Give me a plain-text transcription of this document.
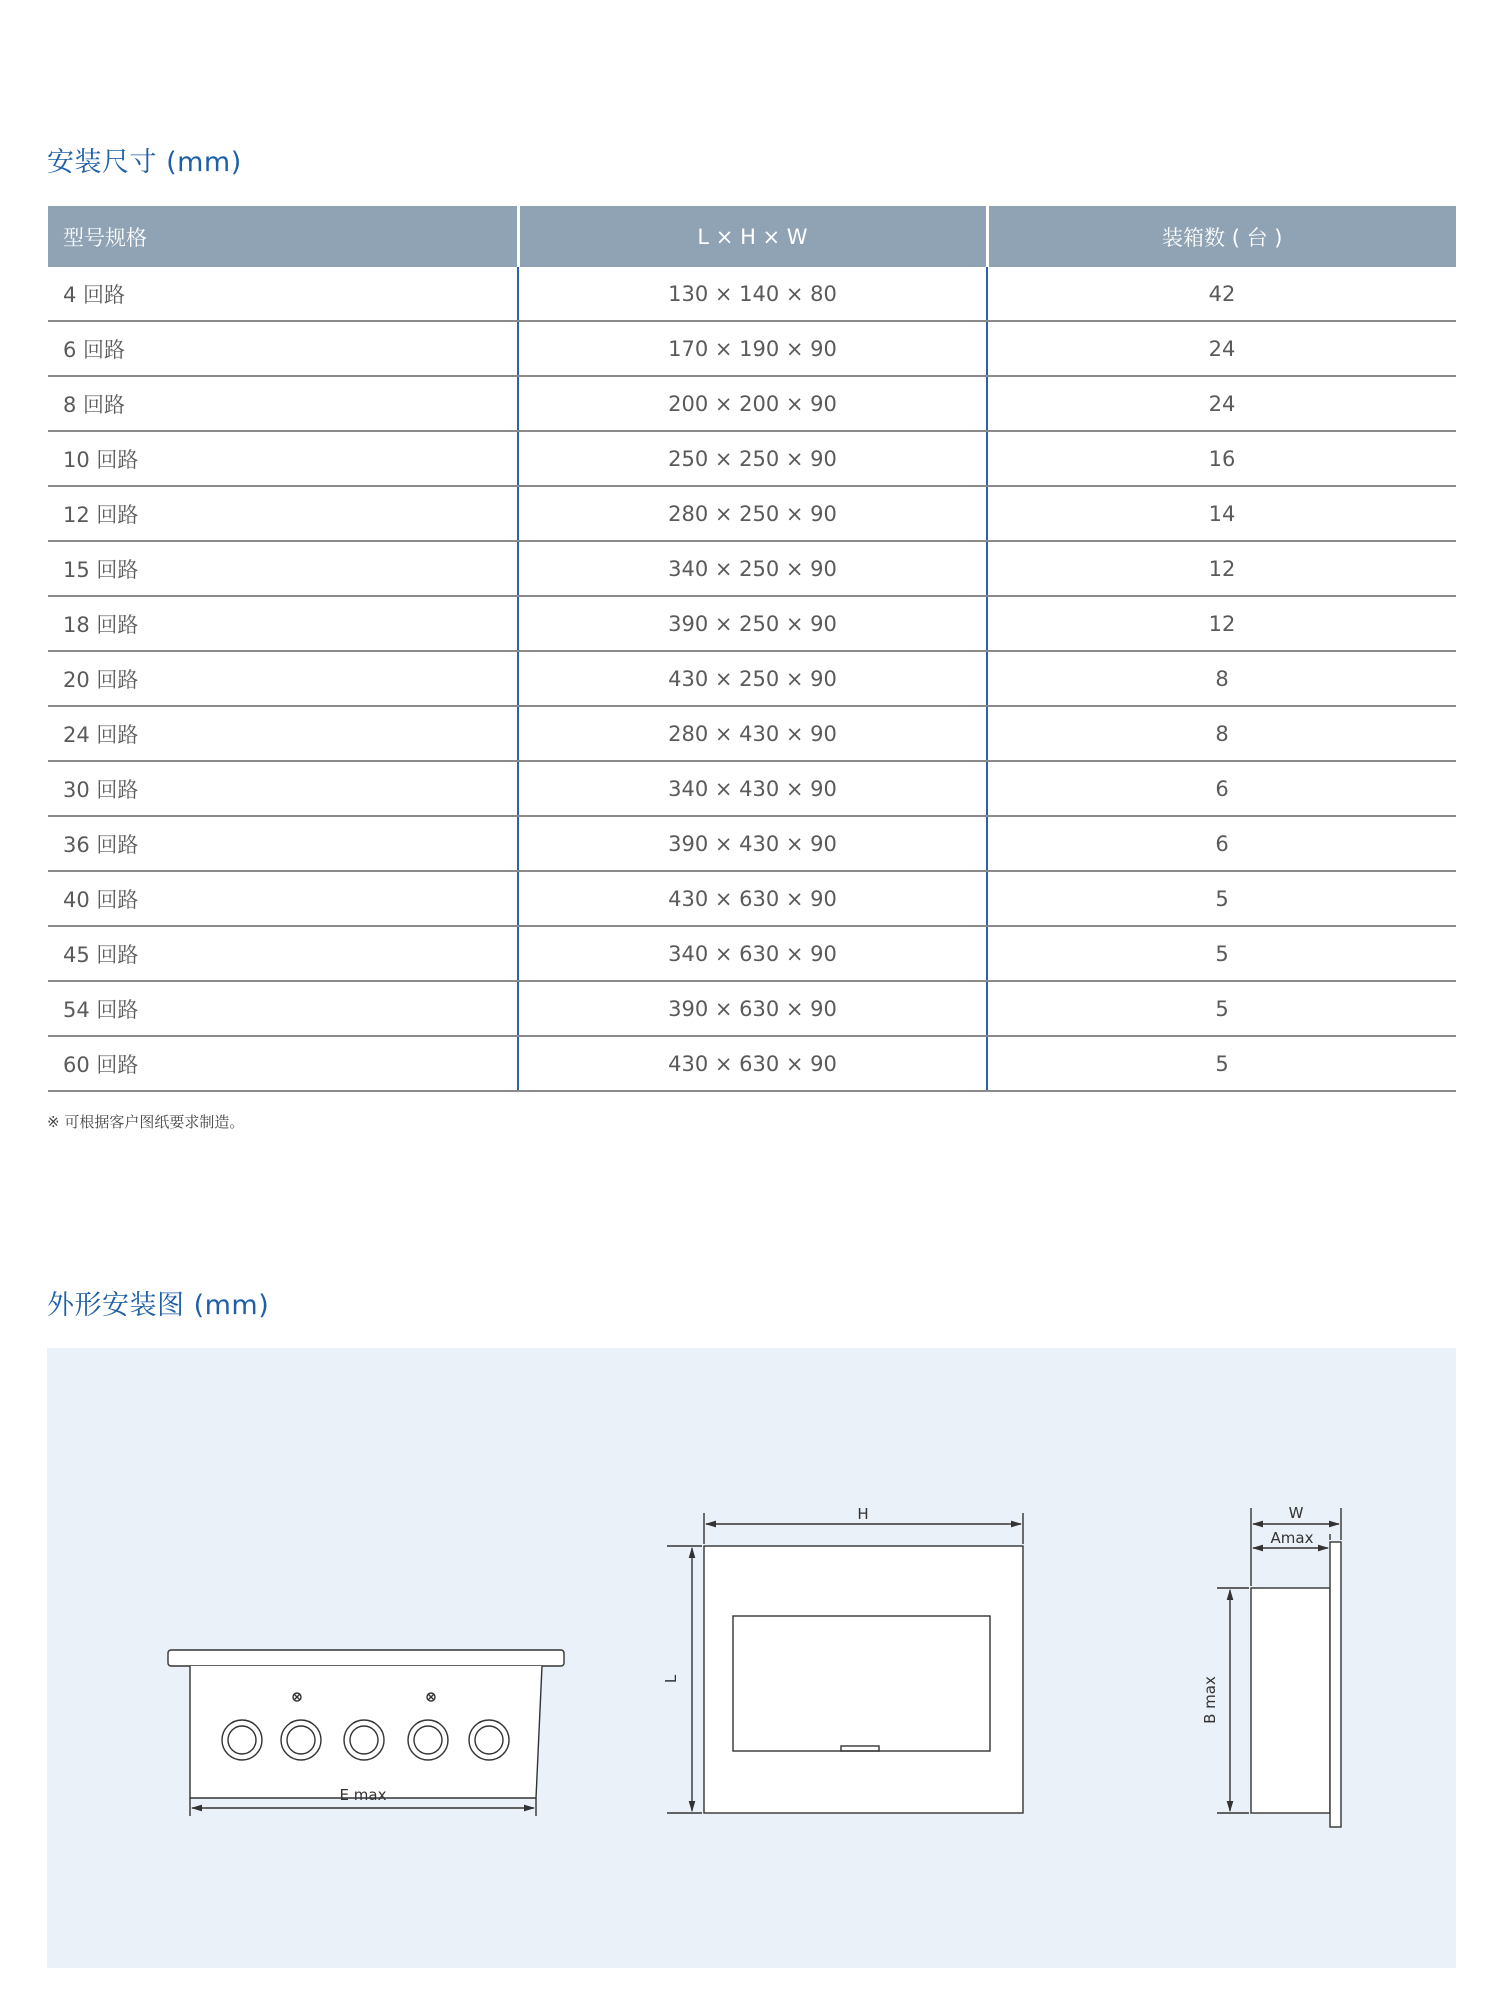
安装尺寸 (mm)
型号规格	L × H × W	装箱数 ( 台 )
4 回路	130 × 140 × 80	42
6 回路	170 × 190 × 90	24
8 回路	200 × 200 × 90	24
10 回路	250 × 250 × 90	16
12 回路	280 × 250 × 90	14
15 回路	340 × 250 × 90	12
18 回路	390 × 250 × 90	12
20 回路	430 × 250 × 90	8
24 回路	280 × 430 × 90	8
30 回路	340 × 430 × 90	6
36 回路	390 × 430 × 90	6
40 回路	430 × 630 × 90	5
45 回路	340 × 630 × 90	5
54 回路	390 × 630 × 90	5
60 回路	430 × 630 × 90	5
※ 可根据客户图纸要求制造。
外形安装图 (mm)
E max
H
L
W
Amax
B max
